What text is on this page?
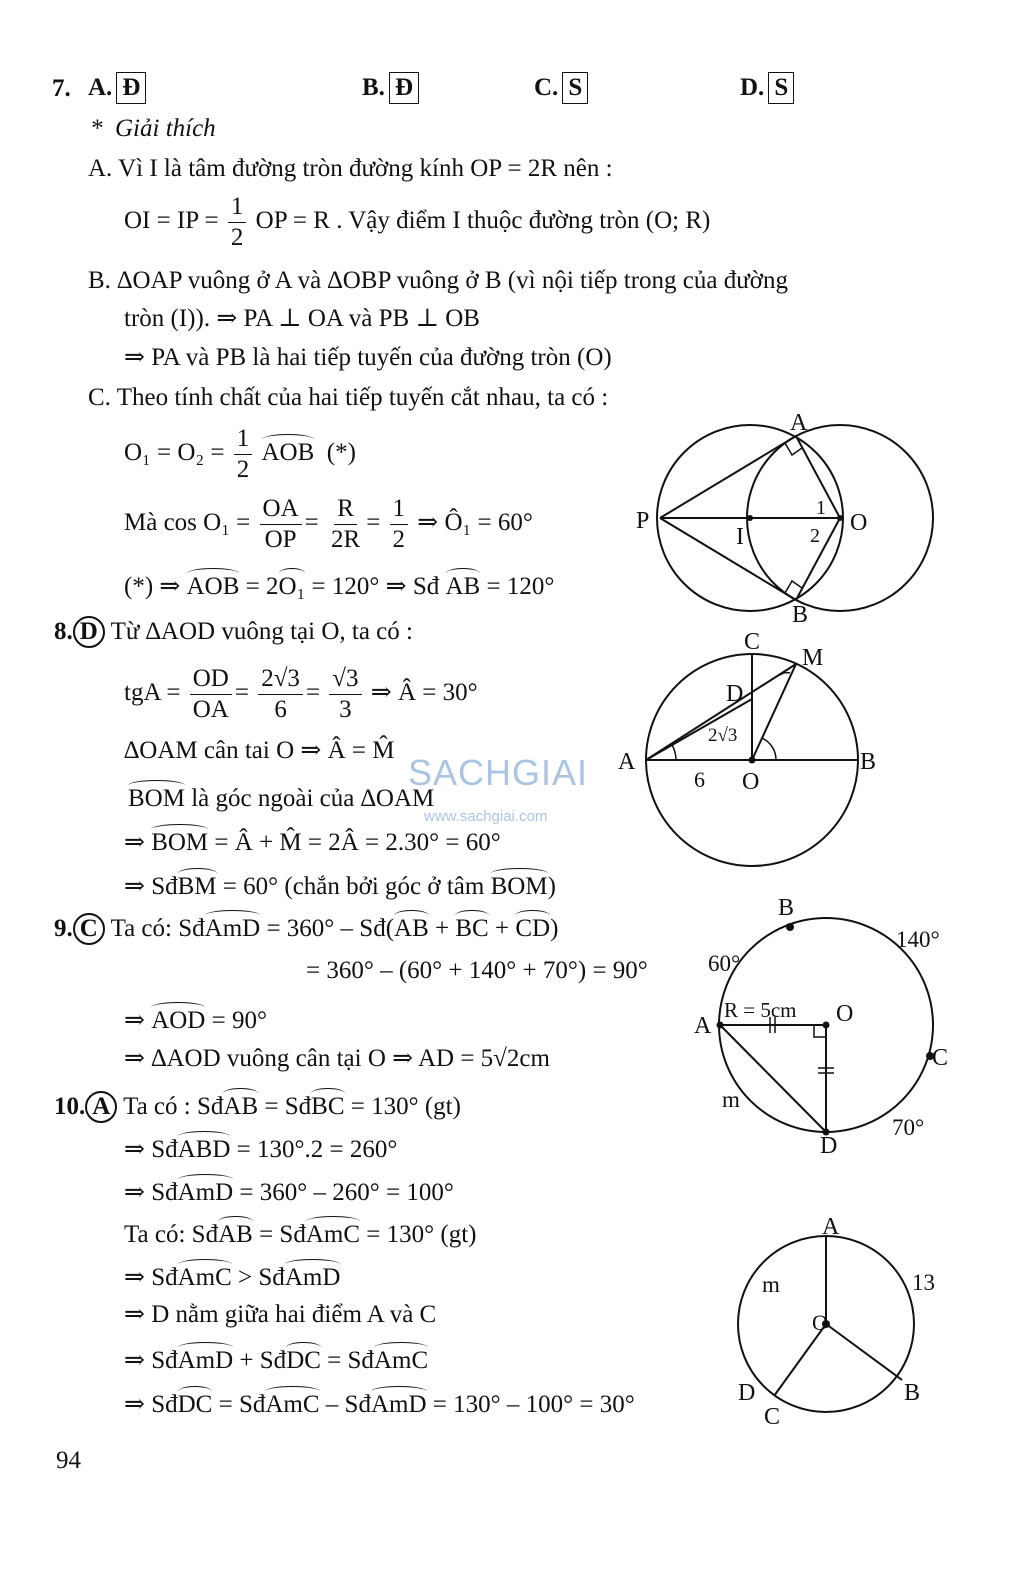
7. A. Đ	B. Đ	C. S	D. S
*  Giải thích
A. Vì I là tâm đường tròn đường kính OP = 2R nên :
OI = IP = $\frac{1}{2}$ OP = R . Vậy điểm I thuộc đường tròn (O; R)
B. ∆OAP vuông ở A và ∆OBP vuông ở B (vì nội tiếp trong của đường
tròn (I)). ⇒ PA ⊥ OA và PB ⊥ OB
⇒ PA và PB là hai tiếp tuyến của đường tròn (O)
C. Theo tính chất của hai tiếp tuyến cắt nhau, ta có :
$O_1 = O_2 = \frac{1}{2}$ AOB (*)
Mà $\cos O_1 = \frac{OA}{OP} = \frac{R}{2R} = \frac{1}{2}$ ⇒ Ô₁ = 60°
(*) ⇒ AOB = 2O₁ = 120° ⇒ Sđ AB = 120°
A
B
P
I
O
1
2
8. D Từ ∆AOD vuông tại O, ta có :
tgA = $\frac{OD}{OA} = \frac{2√3}{6} = \frac{√3}{3}$ ⇒ Â = 30°
∆OAM cân tai O ⇒ Â = M̂
BOM là góc ngoài của ∆OAM
⇒ BOM = Â + M̂ = 2Â = 2.30° = 60°
⇒ SđBM = 60° (chắn bởi góc ở tâm BOM)
SACHGIAI
www.sachgiai.com
C
M
D
2√3
A	B
6 O
9. C Ta có: SđAmD = 360° – Sđ(AB + BC + CD)
= 360° – (60° + 140° + 70°) = 90°
⇒ AOD = 90°
⇒ ∆AOD vuông cân tại O ⇒ AD = 5√2cm
B
140°
60°
R = 5cm O
A
C
m
70°
D
10. A Ta có : SđAB = SđBC = 130° (gt)
⇒ SđABD = 130°.2 = 260°
⇒ SđAmD = 360° – 260° = 100°
Ta có: SđAB = SđAmC = 130° (gt)
⇒ SđAmC > SđAmD
⇒ D nằm giữa hai điểm A và C
⇒ SđAmD + SđDC = SđAmC
⇒ SđDC = SđAmC – SđAmD = 130° – 100° = 30°
A
m	13
O
D
C
B
94
